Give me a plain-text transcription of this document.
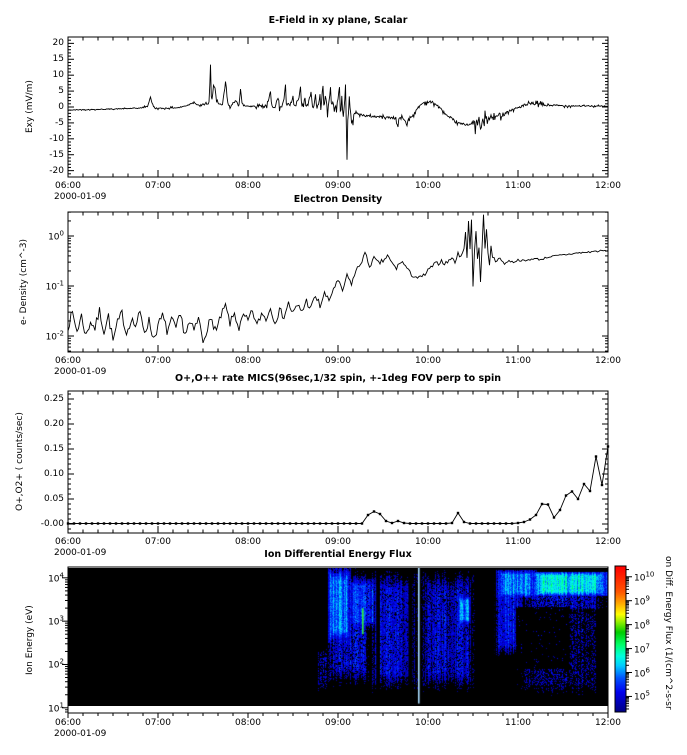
E-Field in xy plane, Scalar
Electron Density
O+,O++ rate MICS(96sec,1/32 spin, +-1deg FOV perp to spin
Ion Differential Energy Flux
Exy (mV/m)
e- Density (cm^-3)
O+,O2+ ( counts/sec)
Ion Energy (eV)	on Diff. Energy Flux (1/(cm^2-s-sr
06:00	07:00	08:00	09:00	10:00	11:00	12:00
2000-01-09
06:00	07:00	08:00	09:00	10:00	11:00	12:00
2000-01-09
06:00	07:00	08:00	09:00	10:00	11:00	12:00
2000-01-09
06:00	07:00	08:00	09:00	10:00	11:00	12:00
2000-01-09
-20
-15
-10
-5
0
5
10
15
20
$10^0$
$10^{-1}$
$10^{-2}$
-0.00
0.05
0.10
0.15
0.20
0.25
$10^1$
$10^2$
$10^3$
$10^4$
$10^5$
$10^6$
$10^7$
$10^8$
$10^9$
$10^{10}$
